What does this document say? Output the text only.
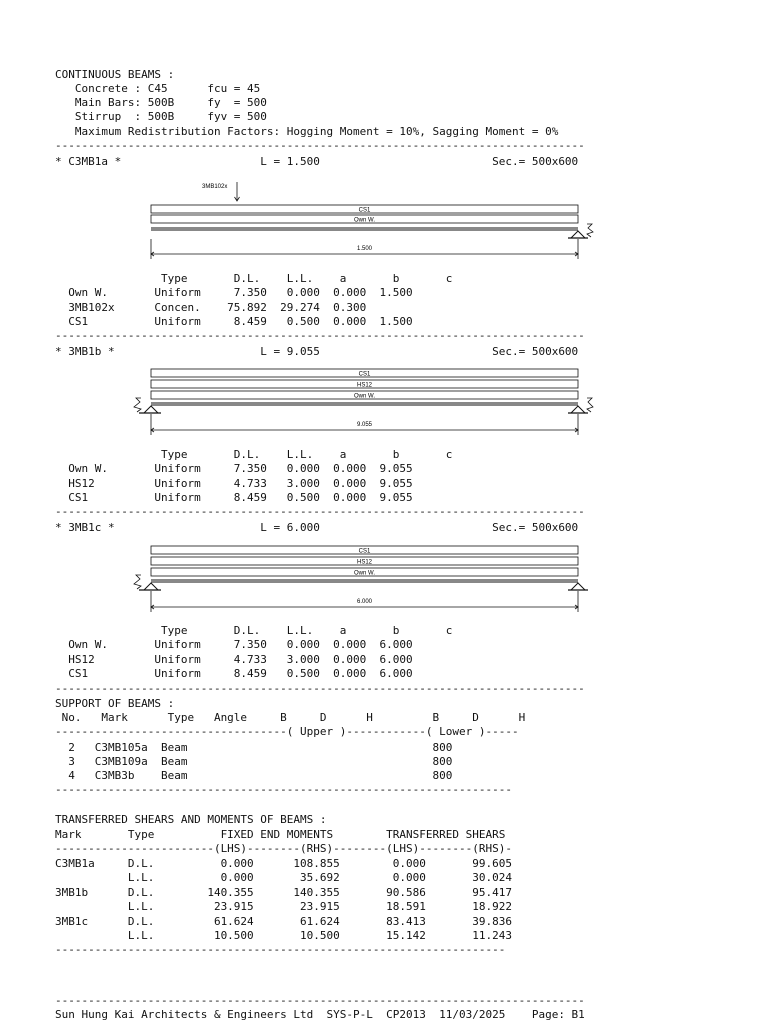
CONTINUOUS BEAMS :
Concrete : C45      fcu = 45
Main Bars: 500B     fy  = 500
Stirrup  : 500B     fyv = 500
Maximum Redistribution Factors: Hogging Moment = 10%, Sagging Moment = 0%
--------------------------------------------------------------------------------
* C3MB1a *                     L = 1.500                          Sec.= 500x600
3MB102x
CS1
Own W.
1.500
Type       D.L.    L.L.    a       b       c
Own W.       Uniform     7.350   0.000  0.000  1.500
3MB102x      Concen.    75.892  29.274  0.300
CS1          Uniform     8.459   0.500  0.000  1.500
--------------------------------------------------------------------------------
* 3MB1b *                      L = 9.055                          Sec.= 500x600
CS1
HS12
Own W.
9.055
Type       D.L.    L.L.    a       b       c
Own W.       Uniform     7.350   0.000  0.000  9.055
HS12         Uniform     4.733   3.000  0.000  9.055
CS1          Uniform     8.459   0.500  0.000  9.055
--------------------------------------------------------------------------------
* 3MB1c *                      L = 6.000                          Sec.= 500x600
CS1
HS12
Own W.
6.000
Type       D.L.    L.L.    a       b       c
Own W.       Uniform     7.350   0.000  0.000  6.000
HS12         Uniform     4.733   3.000  0.000  6.000
CS1          Uniform     8.459   0.500  0.000  6.000
--------------------------------------------------------------------------------
SUPPORT OF BEAMS :
No.   Mark      Type   Angle     B     D      H         B     D      H
-----------------------------------( Upper )------------( Lower )-----
2   C3MB105a  Beam                                     800
3   C3MB109a  Beam                                     800
4   C3MB3b    Beam                                     800
---------------------------------------------------------------------
TRANSFERRED SHEARS AND MOMENTS OF BEAMS :
Mark       Type          FIXED END MOMENTS        TRANSFERRED SHEARS
------------------------(LHS)--------(RHS)--------(LHS)--------(RHS)-
C3MB1a     D.L.          0.000      108.855        0.000       99.605
L.L.          0.000       35.692        0.000       30.024
3MB1b      D.L.        140.355      140.355       90.586       95.417
L.L.         23.915       23.915       18.591       18.922
3MB1c      D.L.         61.624       61.624       83.413       39.836
L.L.         10.500       10.500       15.142       11.243
--------------------------------------------------------------------
--------------------------------------------------------------------------------
Sun Hung Kai Architects & Engineers Ltd  SYS-P-L  CP2013  11/03/2025    Page: B1
